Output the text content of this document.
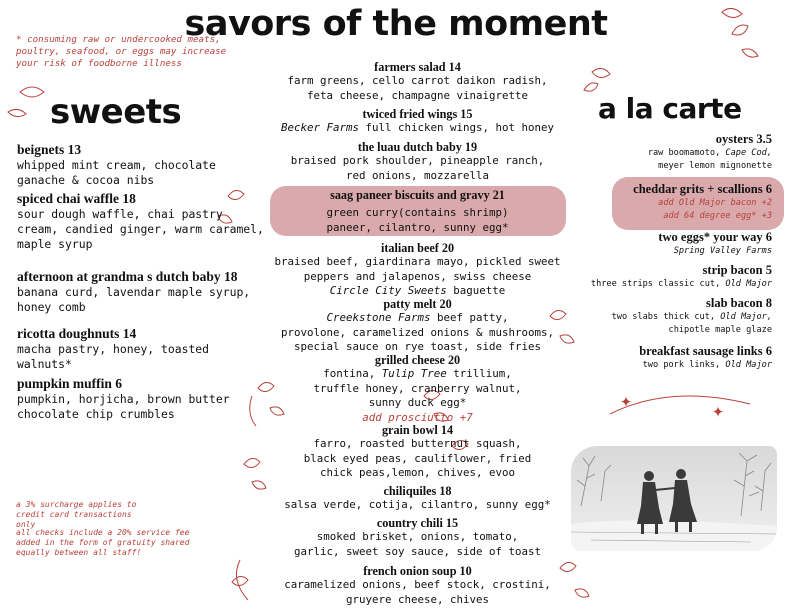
savors of the moment
* consuming raw or undercooked meats, poultry, seafood, or eggs may increase your risk of foodborne illness
sweets
beignets 13
whipped mint cream, chocolate ganache & cocoa nibs
spiced chai waffle 18
sour dough waffle, chai pastry cream, candied ginger, warm caramel, maple syrup
afternoon at grandma s dutch baby 18
banana curd, lavendar maple syrup, honey comb
ricotta doughnuts 14
macha pastry, honey, toasted walnuts*
pumpkin muffin 6
pumpkin, horjicha, brown butter chocolate chip crumbles
a 3% surcharge applies to credit card transactions only
all checks include a 20% service fee added in the form of gratuity shared equally between all staff!
farmers salad 14
farm greens, cello carrot daikon radish,
feta cheese, champagne vinaigrette
twiced fried wings 15
Becker Farms full chicken wings, hot honey
the luau dutch baby 19
braised pork shoulder, pineapple ranch,
red onions, mozzarella
saag paneer biscuits and gravy 21
green curry(contains shrimp)
paneer, cilantro, sunny egg*
italian beef 20
braised beef, giardinara mayo, pickled sweet
peppers and jalapenos, swiss cheese
Circle City Sweets baguette
patty melt 20
Creekstone Farms beef patty,
provolone, caramelized onions & mushrooms,
special sauce on rye toast, side fries
grilled cheese 20
fontina, Tulip Tree trillium,
truffle honey, cranberry walnut,
sunny duck egg*
add prosciutto +7
grain bowl 14
farro, roasted butternut squash,
black eyed peas, cauliflower, fried
chick peas,lemon, chives, evoo
chiliquiles 18
salsa verde, cotija, cilantro, sunny egg*
country chili 15
smoked brisket, onions, tomato,
garlic, sweet soy sauce, side of toast
french onion soup 10
caramelized onions, beef stock, crostini,
gruyere cheese, chives
a la carte
oysters 3.5
raw boomamoto, Cape Cod,
meyer lemon mignonette
cheddar grits + scallions 6
add Old Major bacon +2
add 64 degree egg* +3
two eggs* your way 6
Spring Valley Farms
strip bacon 5
three strips classic cut, Old Major
slab bacon 8
two slabs thick cut, Old Major,
chipotle maple glaze
breakfast sausage links 6
two pork links, Old Major
✦	✦
